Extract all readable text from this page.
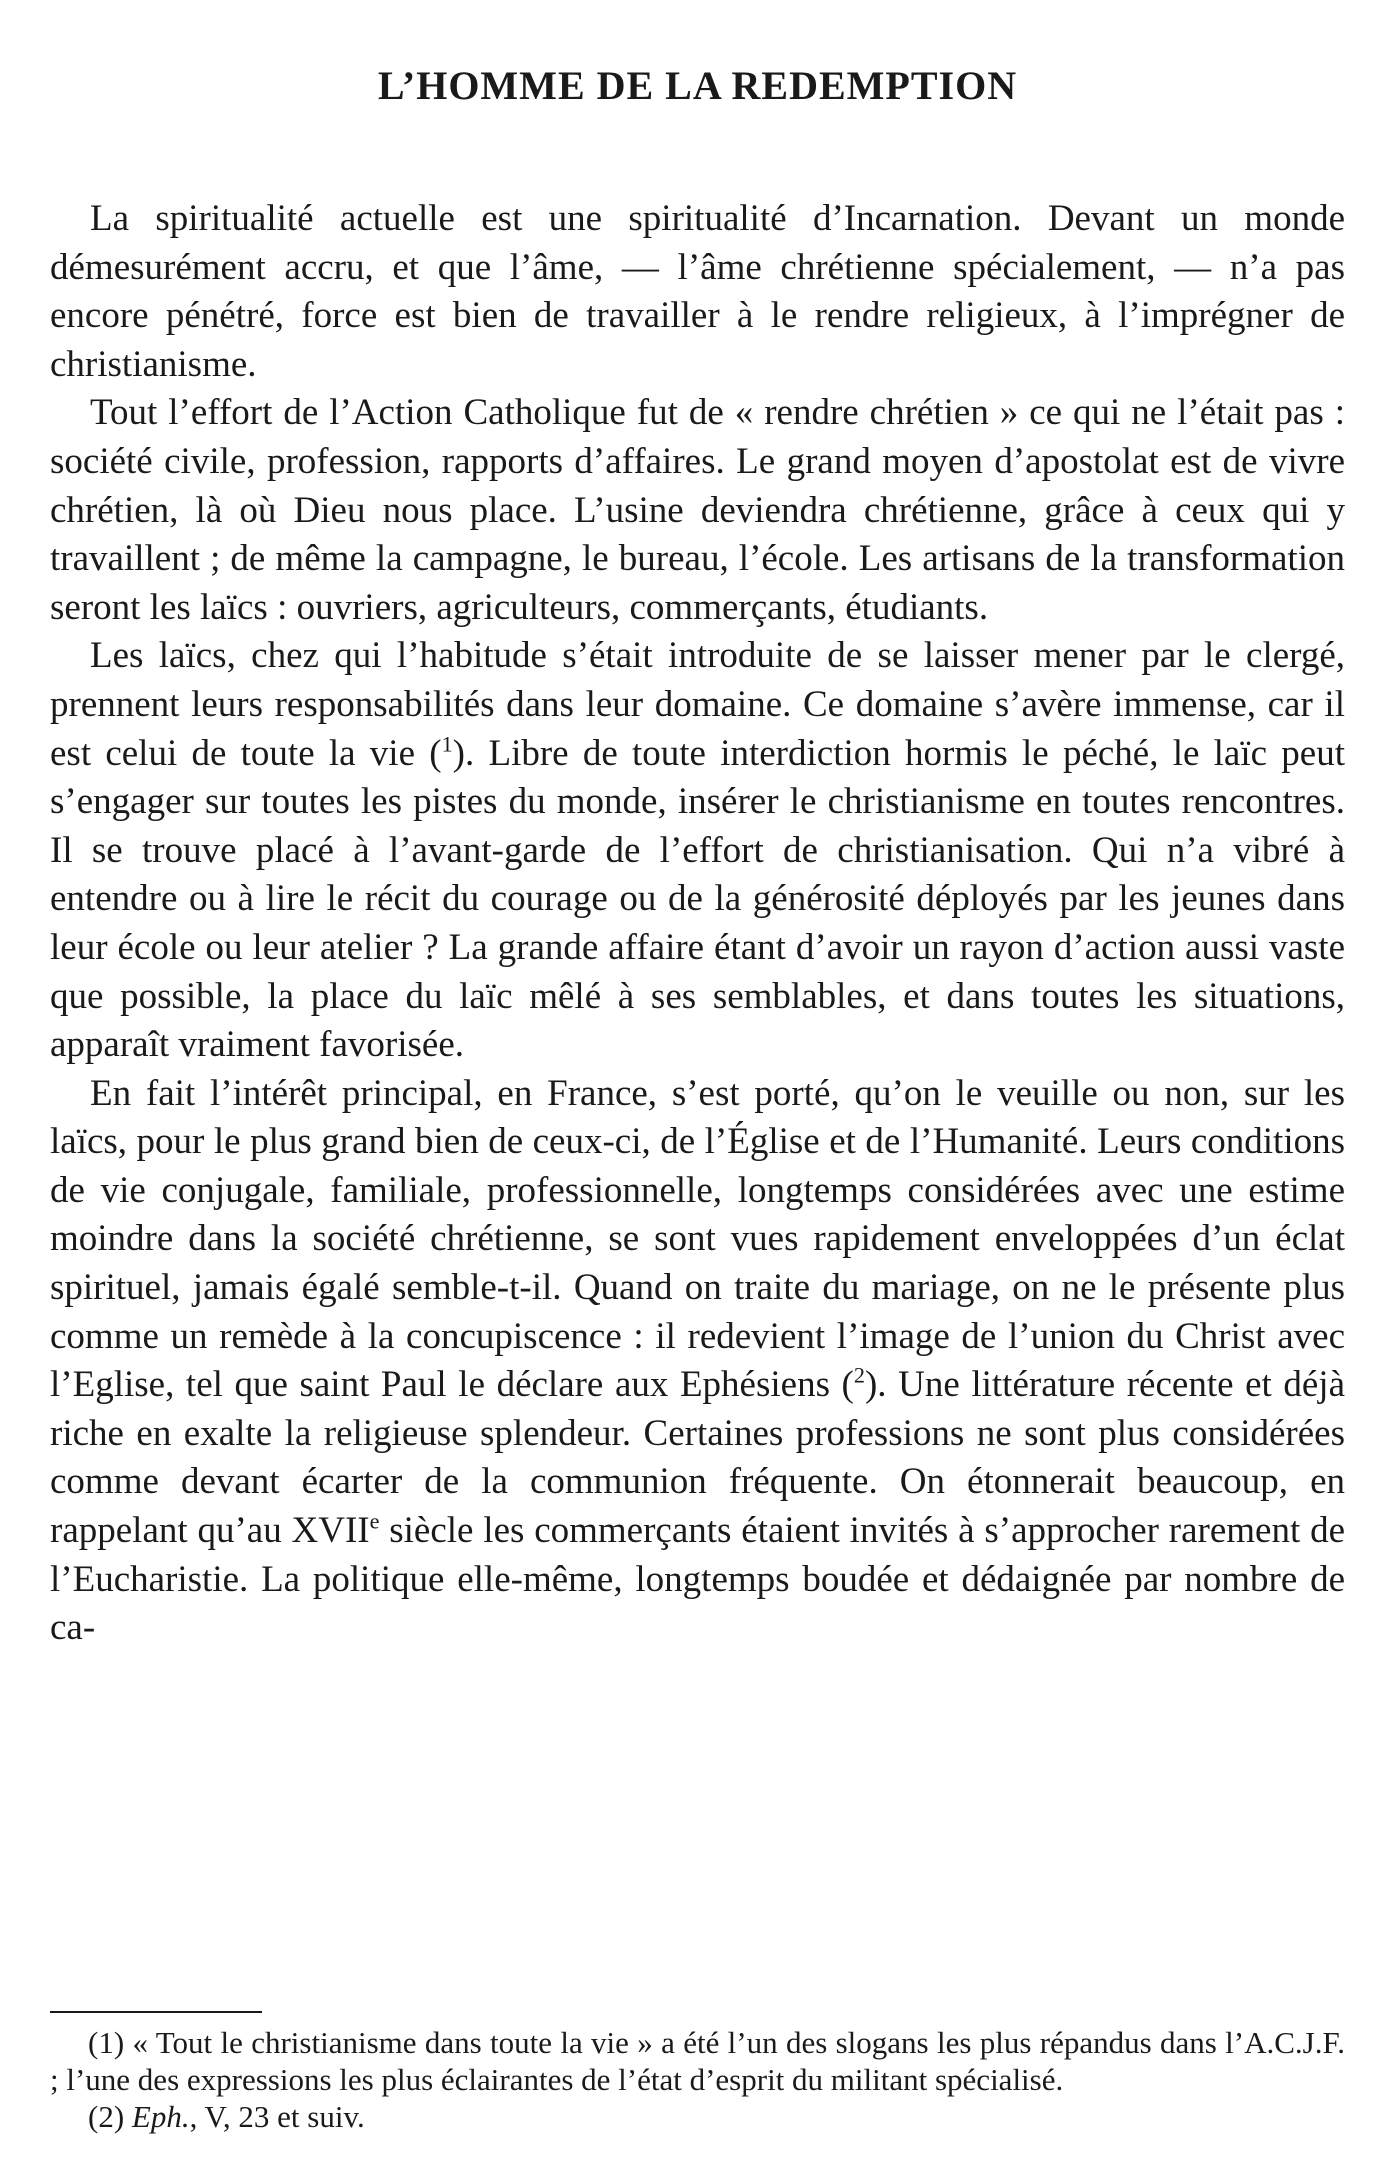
L’HOMME DE LA REDEMPTION

La spiritualité actuelle est une spiritualité d’Incarnation. Devant un monde démesurément accru, et que l’âme, — l’âme chrétienne spécialement, — n’a pas encore pénétré, force est bien de travailler à le rendre religieux, à l’imprégner de christianisme.

Tout l’effort de l’Action Catholique fut de « rendre chrétien » ce qui ne l’était pas : société civile, profession, rapports d’affaires. Le grand moyen d’apostolat est de vivre chrétien, là où Dieu nous place. L’usine deviendra chrétienne, grâce à ceux qui y travaillent ; de même la campagne, le bureau, l’école. Les artisans de la transformation seront les laïcs : ouvriers, agriculteurs, commerçants, étudiants.

Les laïcs, chez qui l’habitude s’était introduite de se laisser mener par le clergé, prennent leurs responsabilités dans leur domaine. Ce domaine s’avère immense, car il est celui de toute la vie ($^1$). Libre de toute interdiction hormis le péché, le laïc peut s’engager sur toutes les pistes du monde, insérer le christianisme en toutes rencontres. Il se trouve placé à l’avant-garde de l’effort de christianisation. Qui n’a vibré à entendre ou à lire le récit du courage ou de la générosité déployés par les jeunes dans leur école ou leur atelier ? La grande affaire étant d’avoir un rayon d’action aussi vaste que possible, la place du laïc mêlé à ses semblables, et dans toutes les situations, apparaît vraiment favorisée.

En fait l’intérêt principal, en France, s’est porté, qu’on le veuille ou non, sur les laïcs, pour le plus grand bien de ceux-ci, de l’Église et de l’Humanité. Leurs conditions de vie conjugale, familiale, professionnelle, longtemps considérées avec une estime moindre dans la société chrétienne, se sont vues rapidement enveloppées d’un éclat spirituel, jamais égalé semble-t-il. Quand on traite du mariage, on ne le présente plus comme un remède à la concupiscence : il redevient l’image de l’union du Christ avec l’Eglise, tel que saint Paul le déclare aux Ephésiens ($^2$). Une littérature récente et déjà riche en exalte la religieuse splendeur. Certaines professions ne sont plus considérées comme devant écarter de la communion fréquente. On étonnerait beaucoup, en rappelant qu’au XVIIe siècle les commerçants étaient invités à s’approcher rarement de l’Eucharistie. La politique elle-même, longtemps boudée et dédaignée par nombre de ca-

(1) « Tout le christianisme dans toute la vie » a été l’un des slogans les plus répandus dans l’A.C.J.F. ; l’une des expressions les plus éclairantes de l’état d’esprit du militant spécialisé.

(2) Eph., V, 23 et suiv.
